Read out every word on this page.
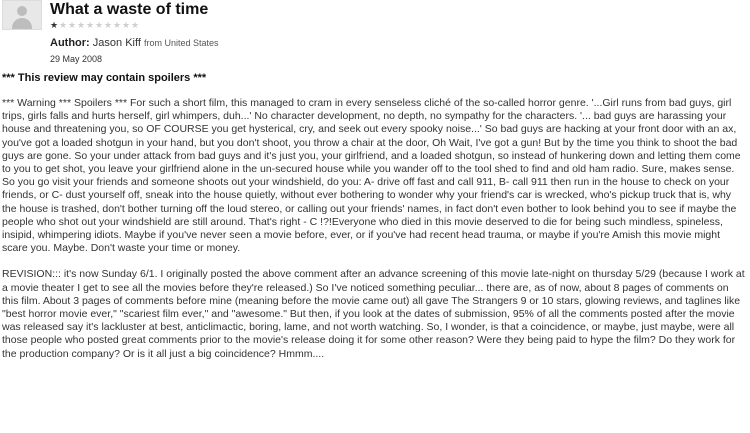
What a waste of time
★ ★ ★ ★ ★ ★ ★ ★ ★ ★
Author: Jason Kiff from United States
29 May 2008
*** This review may contain spoilers ***

*** Warning *** Spoilers *** For such a short film, this managed to cram in every senseless cliché of the so-called horror genre. '...Girl runs from bad guys, girl trips, girls falls and hurts herself, girl whimpers, duh...' No character development, no depth, no sympathy for the characters. '... bad guys are harassing your house and threatening you, so OF COURSE you get hysterical, cry, and seek out every spooky noise...' So bad guys are hacking at your front door with an ax, you've got a loaded shotgun in your hand, but you don't shoot, you throw a chair at the door, Oh Wait, I've got a gun! But by the time you think to shoot the bad guys are gone. So your under attack from bad guys and it's just you, your girlfriend, and a loaded shotgun, so instead of hunkering down and letting them come to you to get shot, you leave your girlfriend alone in the un-secured house while you wander off to the tool shed to find and old ham radio. Sure, makes sense. So you go visit your friends and someone shoots out your windshield, do you: A- drive off fast and call 911, B- call 911 then run in the house to check on your friends, or C- dust yourself off, sneak into the house quietly, without ever bothering to wonder why your friend's car is wrecked, who's pickup truck that is, why the house is trashed, don't bother turning off the loud stereo, or calling out your friends' names, in fact don't even bother to look behind you to see if maybe the people who shot out your windshield are still around. That's right - C !?!Everyone who died in this movie deserved to die for being such mindless, spineless, insipid, whimpering idiots. Maybe if you've never seen a movie before, ever, or if you've had recent head trauma, or maybe if you're Amish this movie might scare you. Maybe. Don't waste your time or money.

REVISION::: it's now Sunday 6/1. I originally posted the above comment after an advance screening of this movie late-night on thursday 5/29 (because I work at a movie theater I get to see all the movies before they're released.) So I've noticed something peculiar... there are, as of now, about 8 pages of comments on this film. About 3 pages of comments before mine (meaning before the movie came out) all gave The Strangers 9 or 10 stars, glowing reviews, and taglines like "best horror movie ever," "scariest film ever," and "awesome." But then, if you look at the dates of submission, 95% of all the comments posted after the movie was released say it's lackluster at best, anticlimactic, boring, lame, and not worth watching. So, I wonder, is that a coincidence, or maybe, just maybe, were all those people who posted great comments prior to the movie's release doing it for some other reason? Were they being paid to hype the film? Do they work for the production company? Or is it all just a big coincidence? Hmmm....
